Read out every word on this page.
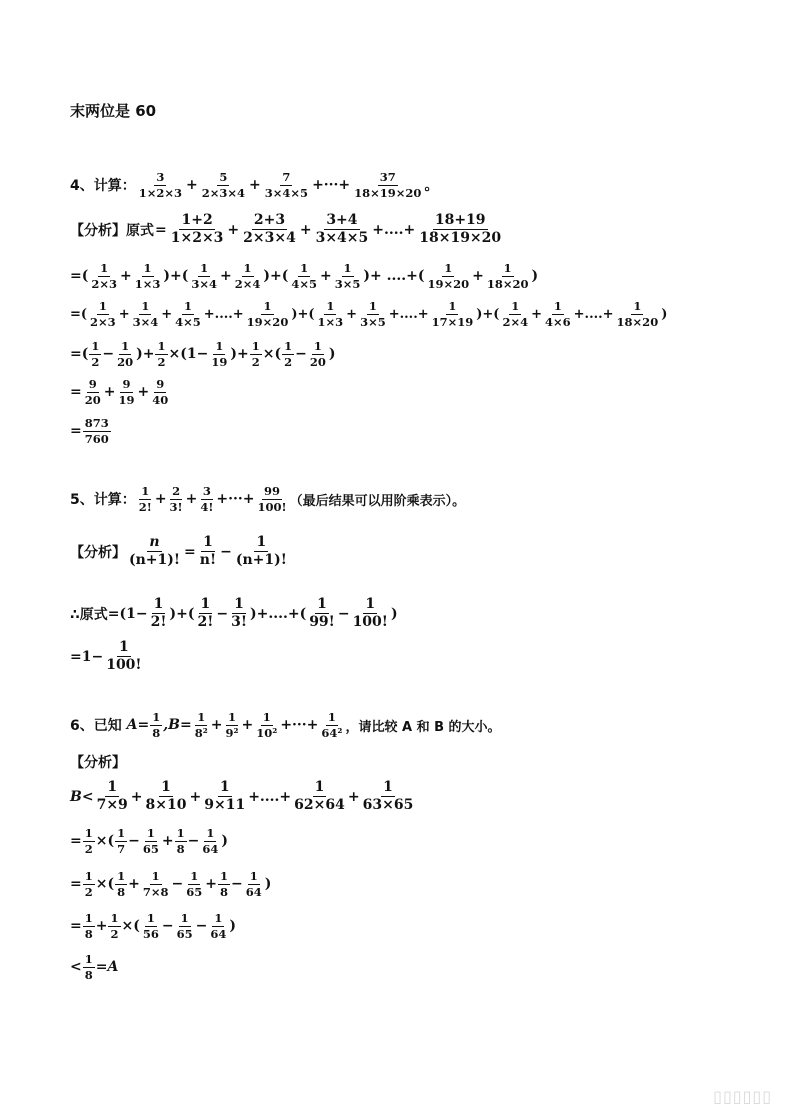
末两位是 60
4、计算： $\frac{3}{1\times 2\times 3} + \frac{5}{2\times 3\times 4} + \frac{7}{3\times 4\times 5}$ +···+ $\frac{37}{18\times 19\times 20}$ 。
【分析】原式 = $\frac{1+2}{1\times 2\times 3} + \frac{2+3}{2\times 3\times 4} + \frac{3+4}{3\times 4\times 5}$ +....+ $\frac{18+19}{18\times 19\times 20}$
=( $\frac{1}{2\times 3} + \frac{1}{1\times 3}$ )+( $\frac{1}{3\times 4} + \frac{1}{2\times 4}$ )+( $\frac{1}{4\times 5} + \frac{1}{3\times 5}$ ) + ....+ ( $\frac{1}{19\times 20} + \frac{1}{18\times 20}$ )
=( $\frac{1}{2\times 3} + \frac{1}{3\times 4} + \frac{1}{4\times 5}$ +....+ $\frac{1}{19\times 20}$ )+( $\frac{1}{1\times 3} + \frac{1}{3\times 5}$ +....+ $\frac{1}{17\times 19}$ )+( $\frac{1}{2\times 4} + \frac{1}{4\times 6}$ +....+ $\frac{1}{18\times 20}$ )
=( $\frac{1}{2} - \frac{1}{20}$ )+ $\frac{1}{2} \times(1- \frac{1}{19}$ )+ $\frac{1}{2}$ ×( $\frac{1}{2} - \frac{1}{20}$ )
= $\frac{9}{20} + \frac{9}{19} + \frac{9}{40}$
= $\frac{873}{760}$
5、计算： $\frac{1}{2!} + \frac{2}{3!} + \frac{3}{4!}$ +···+ $\frac{99}{100!}$ （最后结果可以用阶乘表示）。
【分析】 $\frac{n}{(n+1)!} = \frac{1}{n!} - \frac{1}{(n+1)!}$
∴原式 $=(1- \frac{1}{2!}$ )+( $\frac{1}{2!} - \frac{1}{3!}$ ) +....+ ( $\frac{1}{99!} - \frac{1}{100!}$ )
$=1- \frac{1}{100!}$
6、已知 $A = \frac{1}{8} ,B = \frac{1}{\text{8²}} + \frac{1}{\text{9²}} + \frac{1}{\text{10²}}$ +···+ $\frac{1}{\text{64²}}$ ，请比较 A 和 B 的大小。
【分析】
$B < \frac{1}{7\times 9} + \frac{1}{8\times 10} + \frac{1}{9\times 11}$ +....+ $\frac{1}{62\times 64} + \frac{1}{63\times 65}$
= $\frac{1}{2}$ ×( $\frac{1}{7} - \frac{1}{65} + \frac{1}{8} - \frac{1}{64}$ )
= $\frac{1}{2}$ ×( $\frac{1}{8} + \frac{1}{7\times 8} - \frac{1}{65} + \frac{1}{8} - \frac{1}{64}$ )
= $\frac{1}{8} + \frac{1}{2}$ ×( $\frac{1}{56} - \frac{1}{65} - \frac{1}{64}$ )
< $\frac{1}{8} = A$
▯▯▯▯▯▯
